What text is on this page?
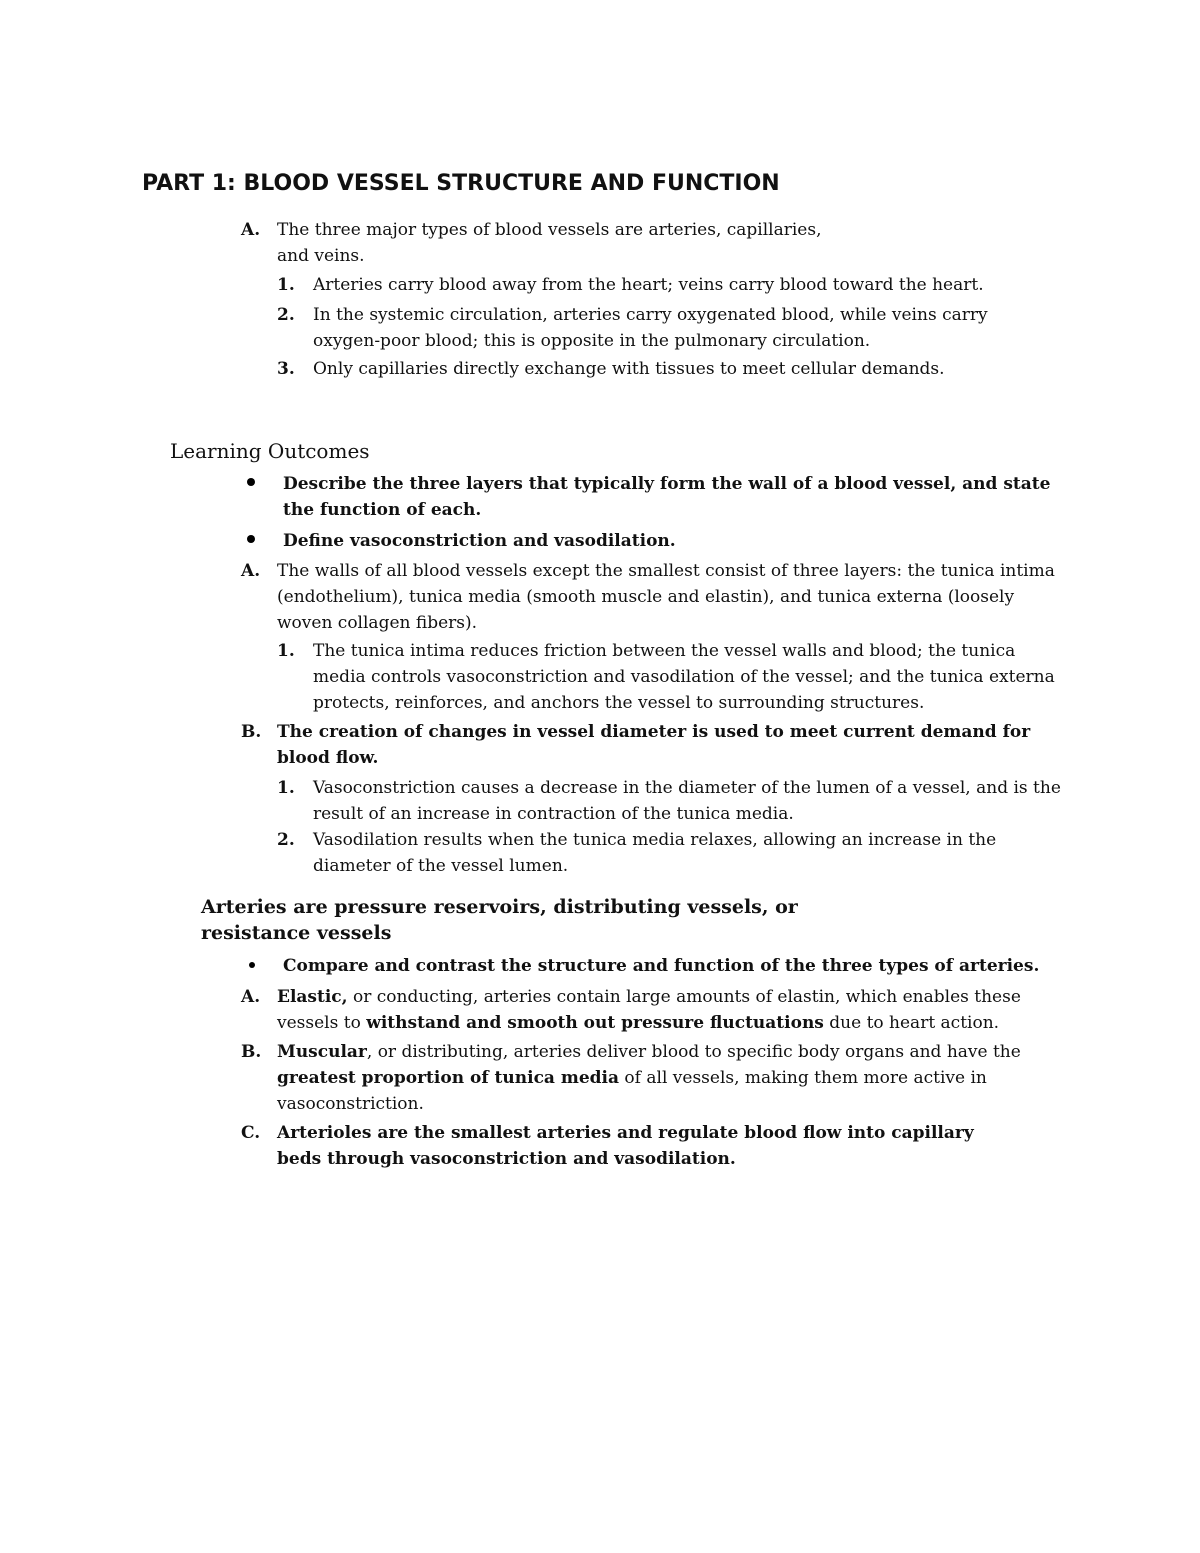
PART 1: BLOOD VESSEL STRUCTURE AND FUNCTION
A. The three major types of blood vessels are arteries, capillaries,
and veins.
1. Arteries carry blood away from the heart; veins carry blood toward the heart.
2. In the systemic circulation, arteries carry oxygenated blood, while veins carry oxygen-poor blood; this is opposite in the pulmonary circulation.
3. Only capillaries directly exchange with tissues to meet cellular demands.
Learning Outcomes
Describe the three layers that typically form the wall of a blood vessel, and state the function of each.
Define vasoconstriction and vasodilation.
A. The walls of all blood vessels except the smallest consist of three layers: the tunica intima (endothelium), tunica media (smooth muscle and elastin), and tunica externa (loosely woven collagen fibers).
1. The tunica intima reduces friction between the vessel walls and blood; the tunica media controls vasoconstriction and vasodilation of the vessel; and the tunica externa protects, reinforces, and anchors the vessel to surrounding structures.
B. The creation of changes in vessel diameter is used to meet current demand for blood flow.
1. Vasoconstriction causes a decrease in the diameter of the lumen of a vessel, and is the result of an increase in contraction of the tunica media.
2. Vasodilation results when the tunica media relaxes, allowing an increase in the diameter of the vessel lumen.
Arteries are pressure reservoirs, distributing vessels, or
resistance vessels
Compare and contrast the structure and function of the three types of arteries.
A. Elastic, or conducting, arteries contain large amounts of elastin, which enables these vessels to withstand and smooth out pressure fluctuations due to heart action.
B. Muscular, or distributing, arteries deliver blood to specific body organs and have the greatest proportion of tunica media of all vessels, making them more active in vasoconstriction.
C. Arterioles are the smallest arteries and regulate blood flow into capillary beds through vasoconstriction and vasodilation.
